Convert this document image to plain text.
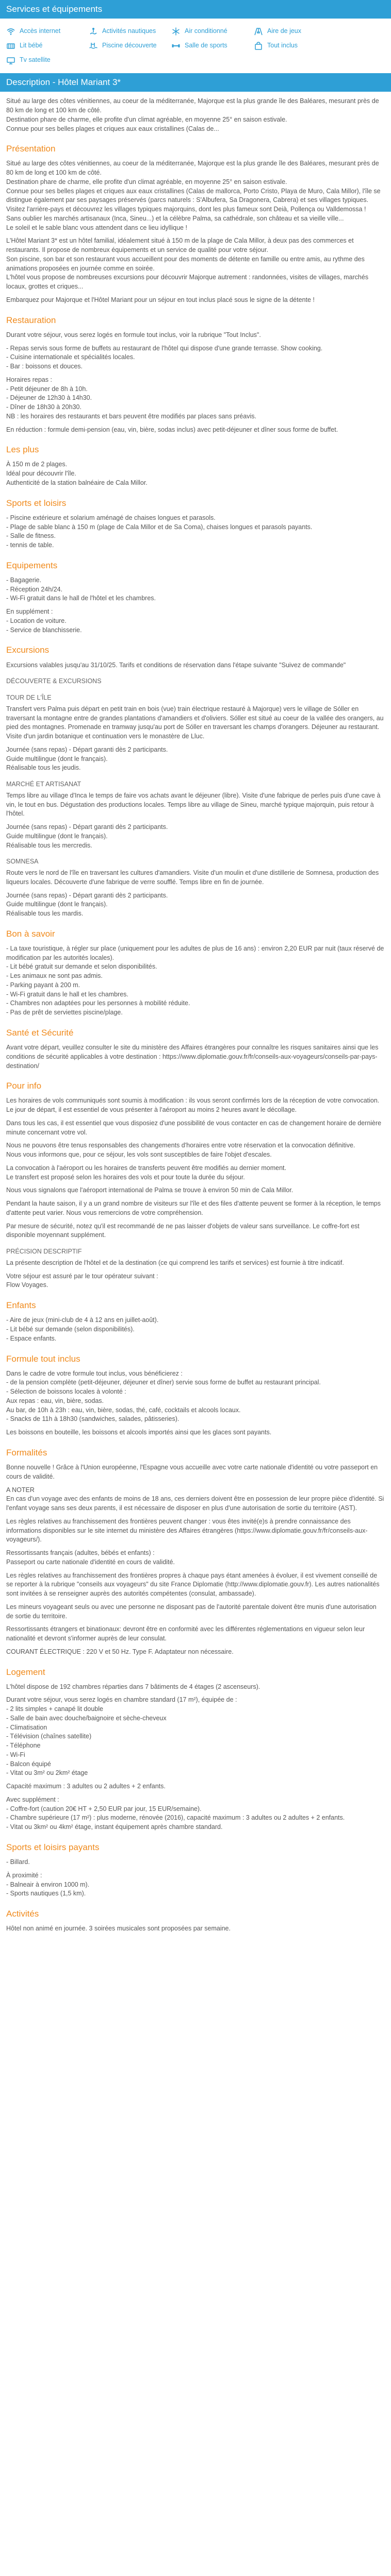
Services et équipements
Accès internet	Activités nautiques	Air conditionné	Aire de jeux
Lit bébé	Piscine découverte	Salle de sports	Tout inclus
Tv satellite
Description - Hôtel Mariant 3*

Situé au large des côtes vénitiennes, au coeur de la méditerranée, Majorque est la plus grande île des Baléares, mesurant près de 80 km de long et 100 km de côté.
Destination phare de charme, elle profite d'un climat agréable, en moyenne 25° en saison estivale.
Connue pour ses belles plages et criques aux eaux cristallines (Calas de...

Présentation

Situé au large des côtes vénitiennes, au coeur de la méditerranée, Majorque est la plus grande île des Baléares, mesurant près de 80 km de long et 100 km de côté.
Destination phare de charme, elle profite d'un climat agréable, en moyenne 25° en saison estivale.
Connue pour ses belles plages et criques aux eaux cristallines (Calas de mallorca, Porto Cristo, Playa de Muro, Cala Millor), l'île se distingue également par ses paysages préservés (parcs naturels : S'Albufera, Sa Dragonera, Cabrera) et ses villages typiques.
Visitez l'arrière-pays et découvrez les villages typiques majorquins, dont les plus fameux sont Deià, Pollença ou Valldemossa !
Sans oublier les marchés artisanaux (Inca, Sineu...) et la célèbre Palma, sa cathédrale, son château et sa vieille ville...
Le soleil et le sable blanc vous attendent dans ce lieu idyllique !

L'Hôtel Mariant 3* est un hôtel familial, idéalement situé à 150 m de la plage de Cala Millor, à deux pas des commerces et restaurants. Il propose de nombreux équipements et un service de qualité pour votre séjour.
Son piscine, son bar et son restaurant vous accueillent pour des moments de détente en famille ou entre amis, au rythme des animations proposées en journée comme en soirée.
L'hôtel vous propose de nombreuses excursions pour découvrir Majorque autrement : randonnées, visites de villages, marchés locaux, grottes et criques...

Embarquez pour Majorque et l'Hôtel Mariant pour un séjour en tout inclus placé sous le signe de la détente !

Restauration

Durant votre séjour, vous serez logés en formule tout inclus, voir la rubrique "Tout Inclus".

- Repas servis sous forme de buffets au restaurant de l'hôtel qui dispose d'une grande terrasse. Show cooking.
- Cuisine internationale et spécialités locales.
- Bar : boissons et douces.

Horaires repas :
- Petit déjeuner de 8h à 10h.
- Déjeuner de 12h30 à 14h30.
- Dîner de 18h30 à 20h30.
NB : les horaires des restaurants et bars peuvent être modifiés par places sans préavis.

En réduction : formule demi-pension (eau, vin, bière, sodas inclus) avec petit-déjeuner et dîner sous forme de buffet.

Les plus
À 150 m de 2 plages.
Idéal pour découvrir l'île.
Authenticité de la station balnéaire de Cala Millor.
Sports et loisirs

- Piscine extérieure et solarium aménagé de chaises longues et parasols.
- Plage de sable blanc à 150 m (plage de Cala Millor et de Sa Coma), chaises longues et parasols payants.
- Salle de fitness.
- tennis de table.

Equipements

- Bagagerie.
- Réception 24h/24.
- Wi-Fi gratuit dans le hall de l'hôtel et les chambres.

En supplément :
- Location de voiture.
- Service de blanchisserie.

Excursions

Excursions valables jusqu'au 31/10/25. Tarifs et conditions de réservation dans l'étape suivante "Suivez de commande"

DÉCOUVERTE & EXCURSIONS
TOUR DE L'ÎLE

Transfert vers Palma puis départ en petit train en bois (vue) train électrique restauré à Majorque) vers le village de Sóller en traversant la montagne entre de grandes plantations d'amandiers et d'oliviers. Sóller est situé au coeur de la vallée des orangers, au pied des montagnes. Promenade en tramway jusqu'au port de Sóller en traversant les champs d'orangers. Déjeuner au restaurant. Visite d'un jardin botanique et continuation vers le monastère de Lluc.

Journée (sans repas) - Départ garanti dès 2 participants.
Guide multilingue (dont le français).
Réalisable tous les jeudis.

MARCHÉ ET ARTISANAT

Temps libre au village d'Inca le temps de faire vos achats avant le déjeuner (libre). Visite d'une fabrique de perles puis d'une cave à vin, le tout en bus. Dégustation des productions locales. Temps libre au village de Sineu, marché typique majorquin, puis retour à l'hôtel.

Journée (sans repas) - Départ garanti dès 2 participants.
Guide multilingue (dont le français).
Réalisable tous les mercredis.

SOMNESA

Route vers le nord de l'île en traversant les cultures d'amandiers. Visite d'un moulin et d'une distillerie de Somnesa, production des liqueurs locales. Découverte d'une fabrique de verre soufflé. Temps libre en fin de journée.

Journée (sans repas) - Départ garanti dès 2 participants.
Guide multilingue (dont le français).
Réalisable tous les mardis.

Bon à savoir

- La taxe touristique, à régler sur place (uniquement pour les adultes de plus de 16 ans) : environ 2,20 EUR par nuit (taux réservé de modification par les autorités locales).
- Lit bébé gratuit sur demande et selon disponibilités.
- Les animaux ne sont pas admis.
- Parking payant à 200 m.
- Wi-Fi gratuit dans le hall et les chambres.
- Chambres non adaptées pour les personnes à mobilité réduite.
- Pas de prêt de serviettes piscine/plage.

Santé et Sécurité

Avant votre départ, veuillez consulter le site du ministère des Affaires étrangères pour connaître les risques sanitaires ainsi que les conditions de sécurité applicables à votre destination : https://www.diplomatie.gouv.fr/fr/conseils-aux-voyageurs/conseils-par-pays-destination/

Pour info

Les horaires de vols communiqués sont soumis à modification : ils vous seront confirmés lors de la réception de votre convocation. Le jour de départ, il est essentiel de vous présenter à l'aéroport au moins 2 heures avant le décollage.

Dans tous les cas, il est essentiel que vous disposiez d'une possibilité de vous contacter en cas de changement horaire de dernière minute concernant votre vol.

Nous ne pouvons être tenus responsables des changements d'horaires entre votre réservation et la convocation définitive.
Nous vous informons que, pour ce séjour, les vols sont susceptibles de faire l'objet d'escales.

La convocation à l'aéroport ou les horaires de transferts peuvent être modifiés au dernier moment.
Le transfert est proposé selon les horaires des vols et pour toute la durée du séjour.

Nous vous signalons que l'aéroport international de Palma se trouve à environ 50 min de Cala Millor.

Pendant la haute saison, il y a un grand nombre de visiteurs sur l'île et des files d'attente peuvent se former à la réception, le temps d'attente peut varier. Nous vous remercions de votre compréhension.

Par mesure de sécurité, notez qu'il est recommandé de ne pas laisser d'objets de valeur sans surveillance. Le coffre-fort est disponible moyennant supplément.

PRÉCISION DESCRIPTIF

La présente description de l'hôtel et de la destination (ce qui comprend les tarifs et services) est fournie à titre indicatif.

Votre séjour est assuré par le tour opérateur suivant :
Flow Voyages.

Enfants

- Aire de jeux (mini-club de 4 à 12 ans en juillet-août).
- Lit bébé sur demande (selon disponibilités).
- Espace enfants.

Formule tout inclus

Dans le cadre de votre formule tout inclus, vous bénéficierez :
- de la pension complète (petit-déjeuner, déjeuner et dîner) servie sous forme de buffet au restaurant principal.
- Sélection de boissons locales à volonté :
Aux repas : eau, vin, bière, sodas.
Au bar, de 10h à 23h : eau, vin, bière, sodas, thé, café, cocktails et alcools locaux.
- Snacks de 11h à 18h30 (sandwiches, salades, pâtisseries).

Les boissons en bouteille, les boissons et alcools importés ainsi que les glaces sont payants.

Formalités

Bonne nouvelle ! Grâce à l'Union européenne, l'Espagne vous accueille avec votre carte nationale d'identité ou votre passeport en cours de validité.

A NOTER
En cas d'un voyage avec des enfants de moins de 18 ans, ces derniers doivent être en possession de leur propre pièce d'identité. Si l'enfant voyage sans ses deux parents, il est nécessaire de disposer en plus d'une autorisation de sortie du territoire (AST).

Les règles relatives au franchissement des frontières peuvent changer : vous êtes invité(e)s à prendre connaissance des informations disponibles sur le site internet du ministère des Affaires étrangères (https://www.diplomatie.gouv.fr/fr/conseils-aux-voyageurs/).

Ressortissants français (adultes, bébés et enfants) :
Passeport ou carte nationale d'identité en cours de validité.

Les règles relatives au franchissement des frontières propres à chaque pays étant amenées à évoluer, il est vivement conseillé de se reporter à la rubrique "conseils aux voyageurs" du site France Diplomatie (http://www.diplomatie.gouv.fr). Les autres nationalités sont invitées à se renseigner auprès des autorités compétentes (consulat, ambassade).

Les mineurs voyageant seuls ou avec une personne ne disposant pas de l'autorité parentale doivent être munis d'une autorisation de sortie du territoire.

Ressortissants étrangers et binationaux: devront être en conformité avec les différentes réglementations en vigueur selon leur nationalité et devront s'informer auprès de leur consulat.

COURANT ÉLECTRIQUE : 220 V et 50 Hz. Type F. Adaptateur non nécessaire.

Logement

L'hôtel dispose de 192 chambres réparties dans 7 bâtiments de 4 étages (2 ascenseurs).

Durant votre séjour, vous serez logés en chambre standard (17 m²), équipée de :
- 2 lits simples + canapé lit double
- Salle de bain avec douche/baignoire et sèche-cheveux
- Climatisation
- Télévision (chaînes satellite)
- Téléphone
- Wi-Fi
- Balcon équipé
- Vitat ou 3m² ou 2km² étage

Capacité maximum : 3 adultes ou 2 adultes + 2 enfants.

Avec supplément :
- Coffre-fort (caution 20€ HT + 2,50 EUR par jour, 15 EUR/semaine).
- Chambre supérieure (17 m²) : plus moderne, rénovée (2016), capacité maximum : 3 adultes ou 2 adultes + 2 enfants.
- Vitat ou 3km² ou 4km² étage, instant équipement après chambre standard.

Sports et loisirs payants

- Billard.

À proximité :
- Balneair à environ 1000 m).
- Sports nautiques (1,5 km).

Activités

Hôtel non animé en journée. 3 soirées musicales sont proposées par semaine.
